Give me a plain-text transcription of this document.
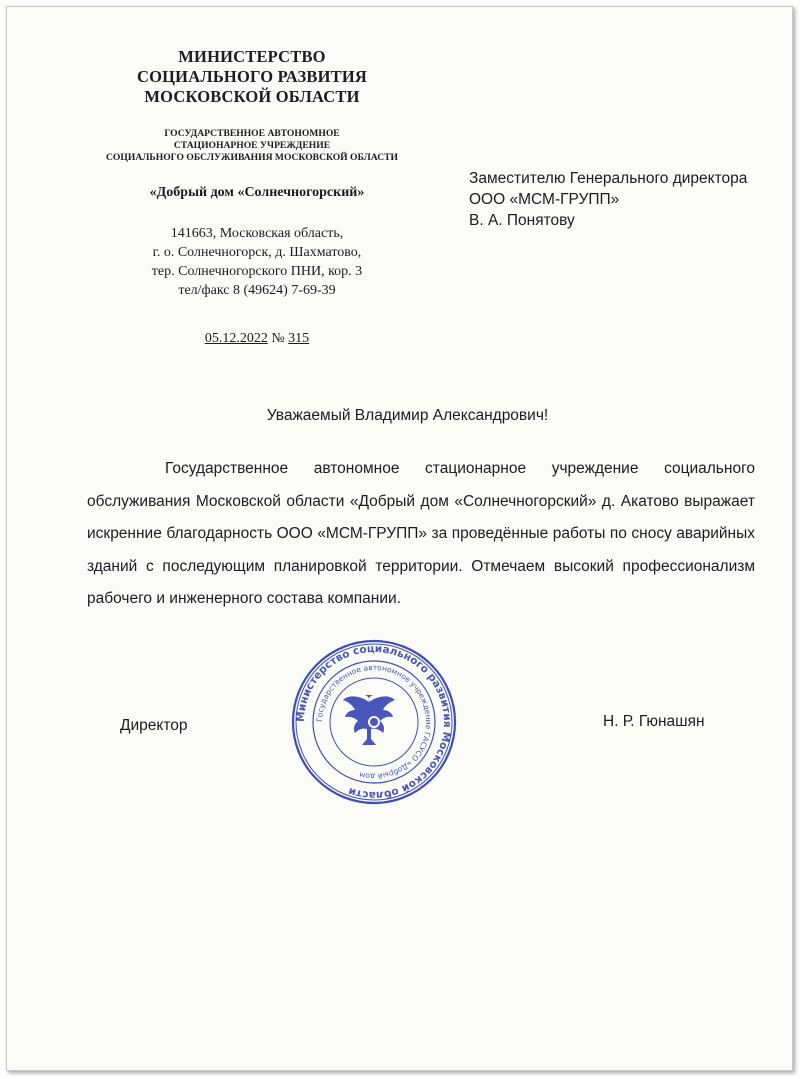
МИНИСТЕРСТВО
СОЦИАЛЬНОГО РАЗВИТИЯ
МОСКОВСКОЙ ОБЛАСТИ
ГОСУДАРСТВЕННОЕ АВТОНОМНОЕ
СТАЦИОНАРНОЕ УЧРЕЖДЕНИЕ
СОЦИАЛЬНОГО ОБСЛУЖИВАНИЯ МОСКОВСКОЙ ОБЛАСТИ
«Добрый дом «Солнечногорский»
141663, Московская область,
г. о. Солнечногорск, д. Шахматово,
тер. Солнечногорского ПНИ, кор. 3
тел/факс 8 (49624) 7-69-39
05.12.2022 № 315
Заместителю Генерального директора
ООО «МСМ-ГРУПП»
В. А. Понятову
Уважаемый Владимир Александрович!

Государственное автономное стационарное учреждение социального обслуживания Московской области «Добрый дом «Солнечногорский» д. Акатово выражает искренние благодарность ООО «МСМ-ГРУПП» за проведённые работы по сносу аварийных зданий с последующим планировкой территории. Отмечаем высокий профессионализм рабочего и инженерного состава компании.

Директор	Н. Р. Гюнашян
Министерство социального развития Московской области
Государственное автономное учреждение ГАСУСО «Добрый дом
